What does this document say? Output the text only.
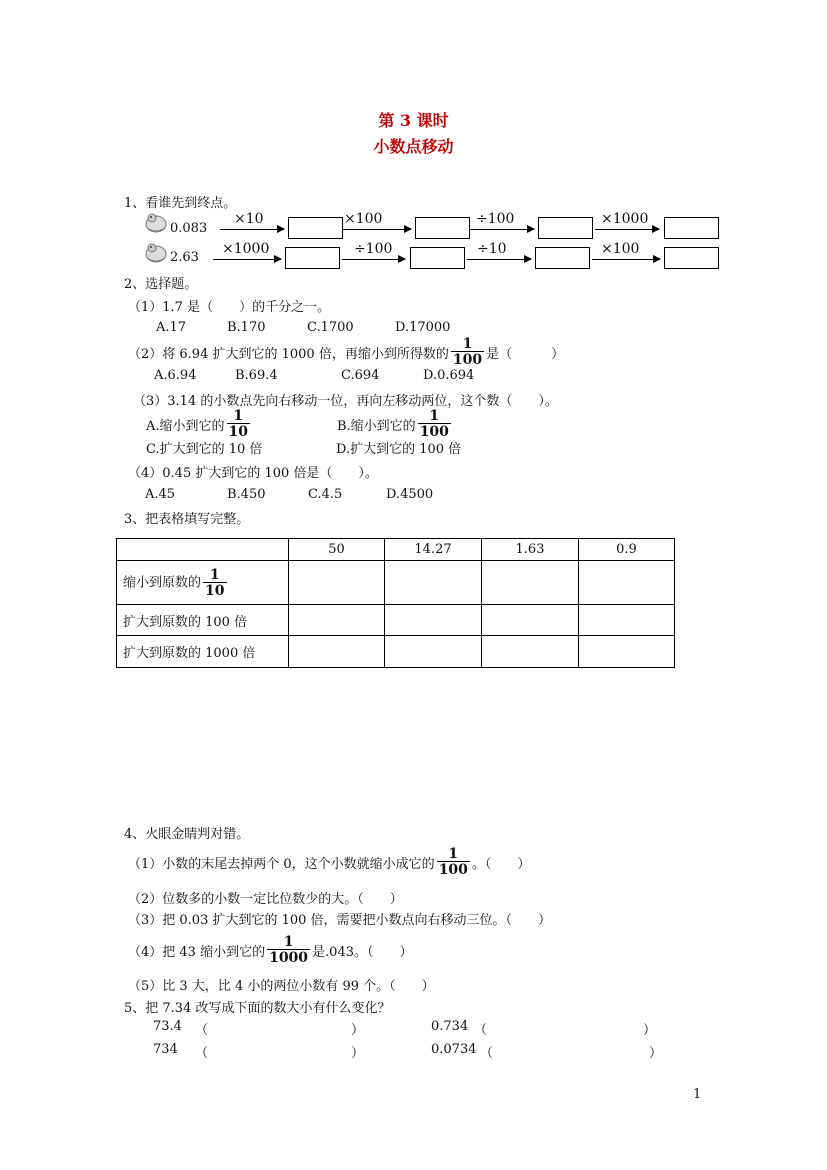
第 3 课时
小数点移动
1、看谁先到终点。
0.083
×10	×100	÷100	×1000
2.63
×1000	÷100	÷10	×100
2、选择题。
（1）1.7 是（　　）的千分之一。
A.17	B.170	C.1700	D.17000
（2）将 6.94 扩大到它的 1000 倍，再缩小到所得数的 $\frac{1}{100}$ 是（　　　）
A.6.94	B.69.4	C.694	D.0.694
（3）3.14 的小数点先向右移动一位，再向左移动两位，这个数（　　）。
A.缩小到它的 $\frac{1}{10}$	B.缩小到它的 $\frac{1}{100}$
C.扩大到它的 10 倍	D.扩大到它的 100 倍
（4）0.45 扩大到它的 100 倍是（　　）。
A.45	B.450	C.4.5	D.4500
3、把表格填写完整。
	50	14.27	1.63	0.9
缩小到原数的 $\frac{1}{10}$

扩大到原数的 100 倍				
扩大到原数的 1000 倍				
4、火眼金睛判对错。
（1）小数的末尾去掉两个 0，这个小数就缩小成它的 $\frac{1}{100}$ 。（　　）
（2）位数多的小数一定比位数少的大。（　　）
（3）把 0.03 扩大到它的 100 倍，需要把小数点向右移动三位。（　　）
（4）把 43 缩小到它的 $\frac{1}{1000}$ 是.043。（　　）
（5）比 3 大，比 4 小的两位小数有 99 个。（　　）
5、把 7.34 改写成下面的数大小有什么变化？
73.4 （　　　　　　　　　　　）	0.734 （　　　　　　　　　　　　）
734 （　　　　　　　　　　　）	0.0734 （　　　　　　　　　　　　）
1
